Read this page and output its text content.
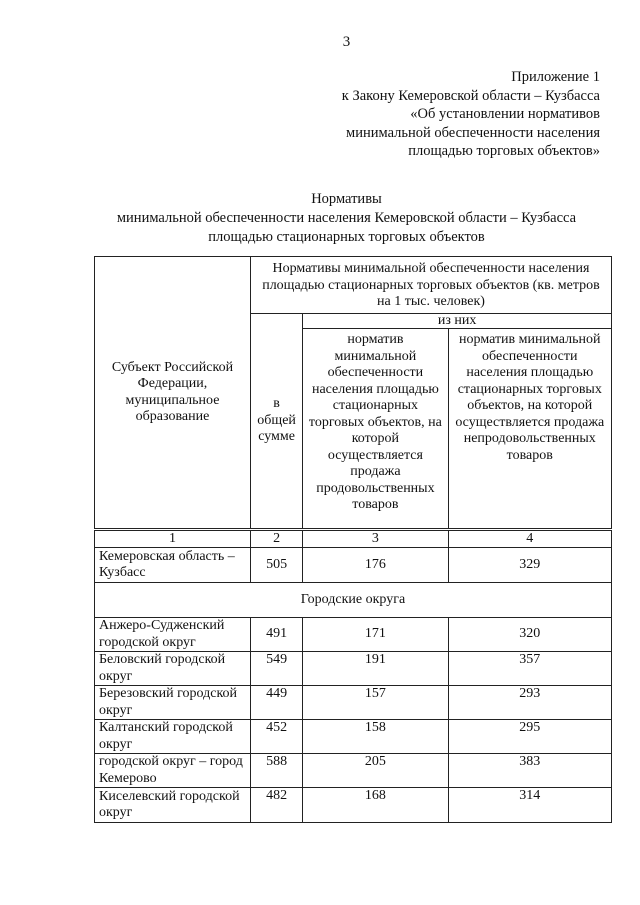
3
Приложение 1
к Закону Кемеровской области – Кузбасса
«Об установлении нормативов
минимальной обеспеченности населения
площадью торговых объектов»
Нормативы
минимальной обеспеченности населения Кемеровской области – Кузбасса
площадью стационарных торговых объектов
Субъект Российской Федерации, муниципальное образование	Нормативы минимальной обеспеченности населения площадью стационарных торговых объектов (кв. метров на 1 тыс. человек)		
	в общей сумме	из них	
		норматив минимальной обеспеченности населения площадью стационарных торговых объектов, на которой осуществляется продажа продовольственных товаров	норматив минимальной обеспеченности населения площадью стационарных торговых объектов, на которой осуществляется продажа непродовольственных товаров
1	2	3	4
Кемеровская область – Кузбасс	505	176	329
Городские округа			
Анжеро-Судженский городской округ	491	171	320
Беловский городской округ	549	191	357
Березовский городской округ	449	157	293
Калтанский городской округ	452	158	295
городской округ – город Кемерово	588	205	383
Киселевский городской округ	482	168	314
